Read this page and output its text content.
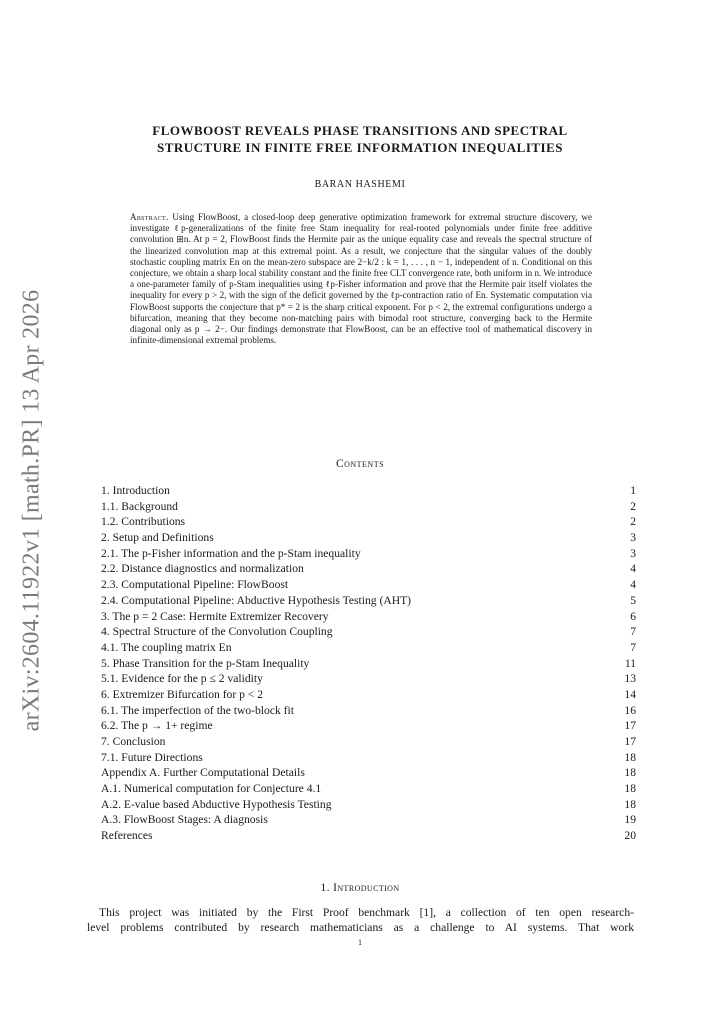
arXiv:2604.11922v1 [math.PR] 13 Apr 2026
FLOWBOOST REVEALS PHASE TRANSITIONS AND SPECTRAL
STRUCTURE IN FINITE FREE INFORMATION INEQUALITIES
BARAN HASHEMI
Abstract. Using FlowBoost, a closed-loop deep generative optimization framework for extremal structure discovery, we investigate ℓp-generalizations of the finite free Stam inequality for real-rooted polynomials under finite free additive convolution ⊞n. At p = 2, FlowBoost finds the Hermite pair as the unique equality case and reveals the spectral structure of the linearized convolution map at this extremal point. As a result, we conjecture that the singular values of the doubly stochastic coupling matrix En on the mean-zero subspace are 2−k/2 : k = 1, . . . , n − 1, independent of n. Conditional on this conjecture, we obtain a sharp local stability constant and the finite free CLT convergence rate, both uniform in n. We introduce a one-parameter family of p-Stam inequalities using ℓp-Fisher information and prove that the Hermite pair itself violates the inequality for every p > 2, with the sign of the deficit governed by the ℓp-contraction ratio of En. Systematic computation via FlowBoost supports the conjecture that p* = 2 is the sharp critical exponent. For p < 2, the extremal configurations undergo a bifurcation, meaning that they become non-matching pairs with bimodal root structure, converging back to the Hermite diagonal only as p → 2−. Our findings demonstrate that FlowBoost, can be an effective tool of mathematical discovery in infinite-dimensional extremal problems.
Contents
1. Introduction	1
1.1. Background	2
1.2. Contributions	2
2. Setup and Definitions	3
2.1. The p-Fisher information and the p-Stam inequality	3
2.2. Distance diagnostics and normalization	4
2.3. Computational Pipeline: FlowBoost	4
2.4. Computational Pipeline: Abductive Hypothesis Testing (AHT)	5
3. The p = 2 Case: Hermite Extremizer Recovery	6
4. Spectral Structure of the Convolution Coupling	7
4.1. The coupling matrix En	7
5. Phase Transition for the p-Stam Inequality	11
5.1. Evidence for the p ≤ 2 validity	13
6. Extremizer Bifurcation for p < 2	14
6.1. The imperfection of the two-block fit	16
6.2. The p → 1+ regime	17
7. Conclusion	17
7.1. Future Directions	18
Appendix A. Further Computational Details	18
A.1. Numerical computation for Conjecture 4.1	18
A.2. E-value based Abductive Hypothesis Testing	18
A.3. FlowBoost Stages: A diagnosis	19
References	20
1. Introduction
This project was initiated by the First Proof benchmark [1], a collection of ten open research-
level problems contributed by research mathematicians as a challenge to AI systems. That work
1
